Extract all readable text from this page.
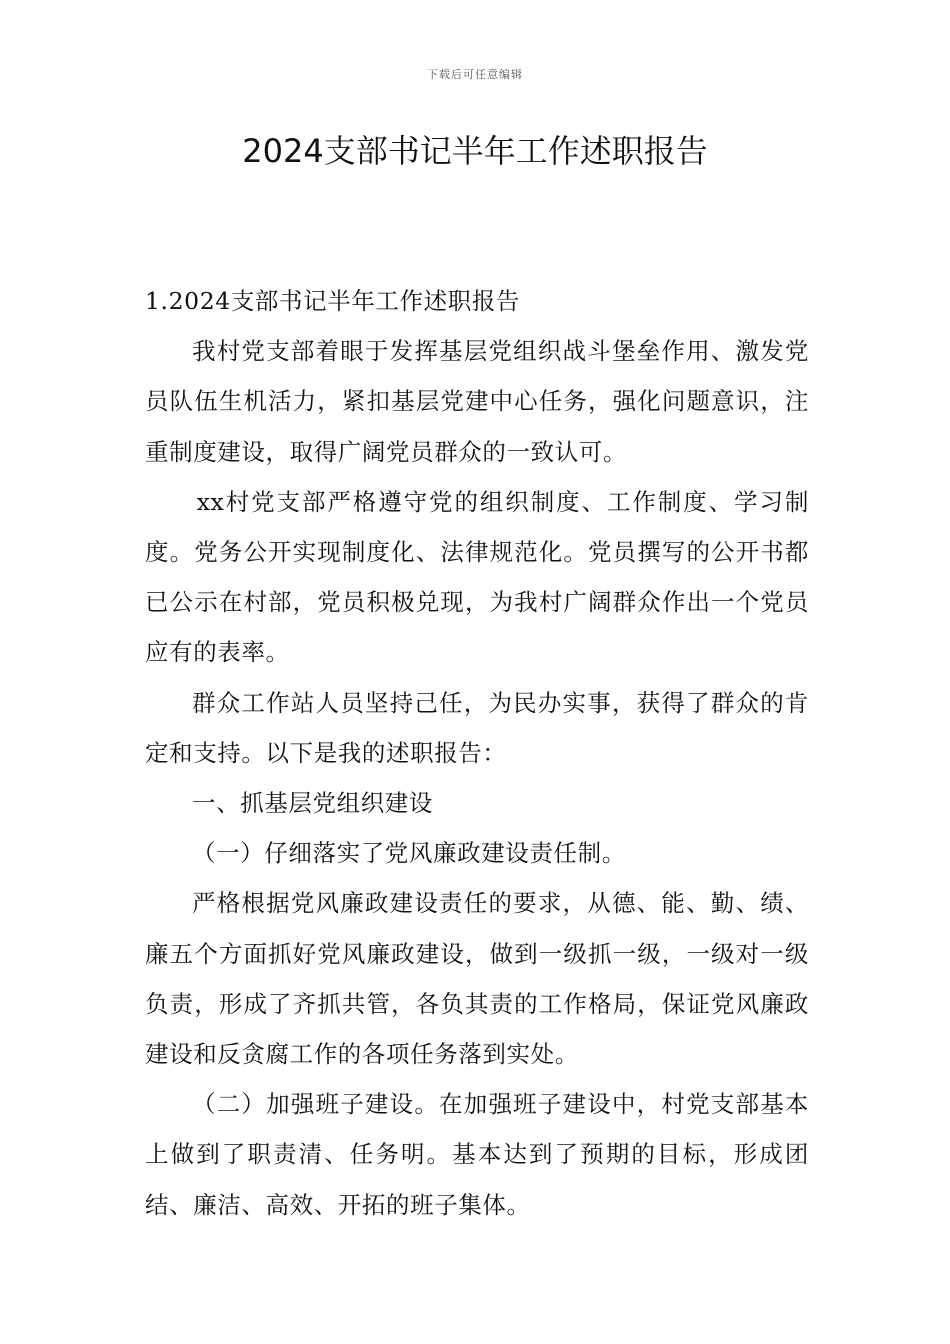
下载后可任意编辑
2024支部书记半年工作述职报告

1.2024支部书记半年工作述职报告

我村党支部着眼于发挥基层党组织战斗堡垒作用、激发党员队伍生机活力，紧扣基层党建中心任务，强化问题意识，注重制度建设，取得广阔党员群众的一致认可。

xx村党支部严格遵守党的组织制度、工作制度、学习制度。党务公开实现制度化、法律规范化。党员撰写的公开书都已公示在村部，党员积极兑现，为我村广阔群众作出一个党员应有的表率。

群众工作站人员坚持己任，为民办实事，获得了群众的肯定和支持。以下是我的述职报告：

一、抓基层党组织建设

（一）仔细落实了党风廉政建设责任制。

严格根据党风廉政建设责任的要求，从德、能、勤、绩、廉五个方面抓好党风廉政建设，做到一级抓一级，一级对一级负责，形成了齐抓共管，各负其责的工作格局，保证党风廉政建设和反贪腐工作的各项任务落到实处。

（二）加强班子建设。在加强班子建设中，村党支部基本上做到了职责清、任务明。基本达到了预期的目标，形成团结、廉洁、高效、开拓的班子集体。
